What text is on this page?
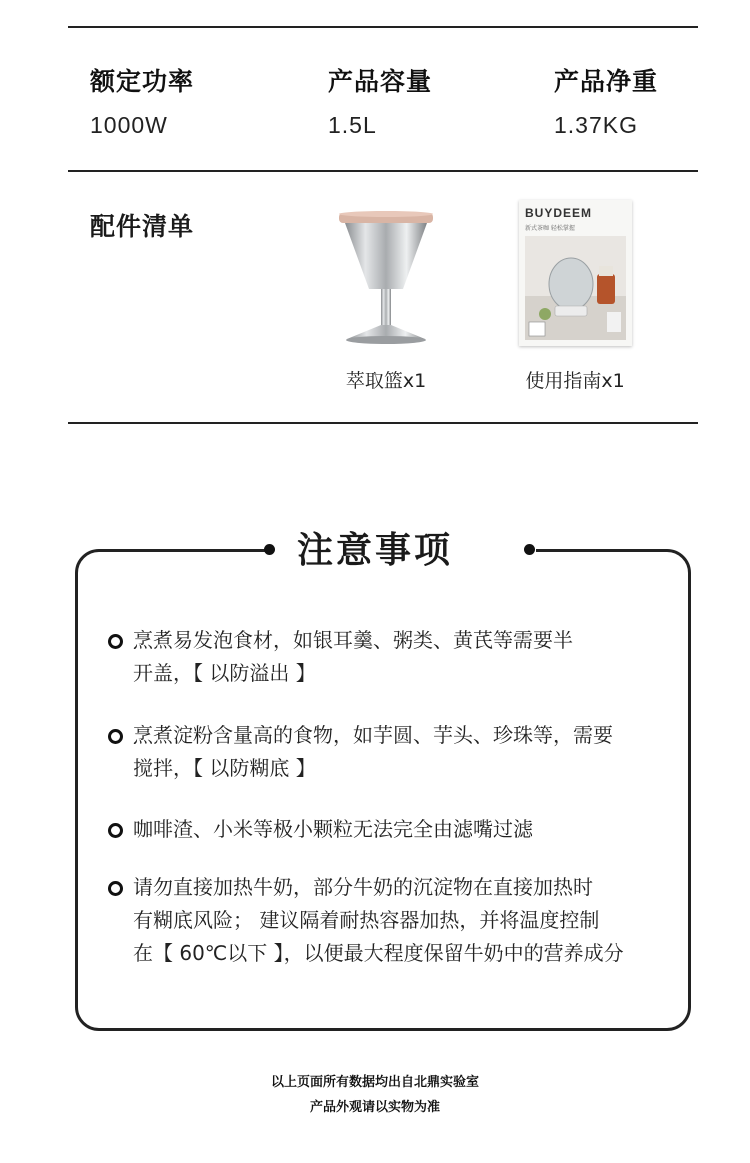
额定功率
1000W
产品容量
1.5L
产品净重
1.37KG
配件清单
萃取篮x1
BUYDEEM
新式茶咖 轻松掌握
使用指南x1
注意事项
烹煮易发泡食材，如银耳羹、粥类、黄芪等需要半
开盖，【 以防溢出 】
烹煮淀粉含量高的食物，如芋圆、芋头、珍珠等，需要
搅拌，【 以防糊底 】
咖啡渣、小米等极小颗粒无法完全由滤嘴过滤
请勿直接加热牛奶，部分牛奶的沉淀物在直接加热时
有糊底风险； 建议隔着耐热容器加热，并将温度控制
在【 60℃以下 】，以便最大程度保留牛奶中的营养成分
以上页面所有数据均出自北鼎实验室
产品外观请以实物为准
